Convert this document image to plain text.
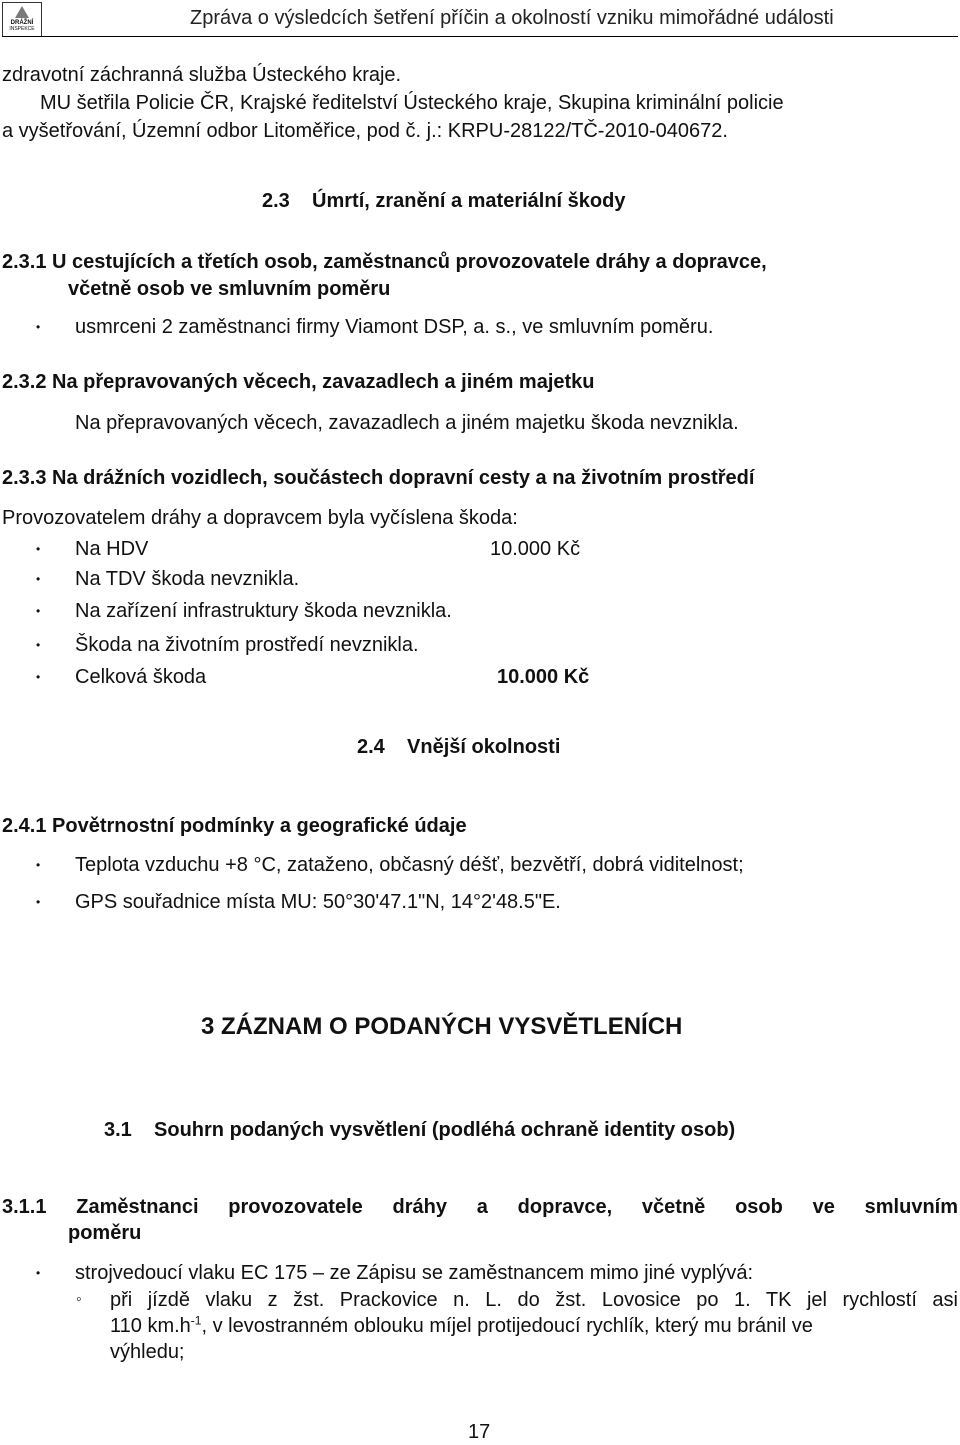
DRÁŽNÍ
INSPEKCE	Zpráva o výsledcích šetření příčin a okolností vzniku mimořádné události
zdravotní záchranná služba Ústeckého kraje.
MU šetřila Policie ČR, Krajské ředitelství Ústeckého kraje, Skupina kriminální policie
a vyšetřování, Územní odbor Litoměřice, pod č. j.: KRPU-28122/TČ-2010-040672.
2.3    Úmrtí, zranění a materiální škody
2.3.1 U cestujících a třetích osob, zaměstnanců provozovatele dráhy a dopravce,
včetně osob ve smluvním poměru
• usmrceni 2 zaměstnanci firmy Viamont DSP, a. s., ve smluvním poměru.
2.3.2 Na přepravovaných věcech, zavazadlech a jiném majetku
Na přepravovaných věcech, zavazadlech a jiném majetku škoda nevznikla.
2.3.3 Na drážních vozidlech, součástech dopravní cesty a na životním prostředí
Provozovatelem dráhy a dopravcem byla vyčíslena škoda:
• Na HDV	10.000 Kč
• Na TDV škoda nevznikla.
• Na zařízení infrastruktury škoda nevznikla.
• Škoda na životním prostředí nevznikla.
• Celková škoda	10.000 Kč
2.4    Vnější okolnosti
2.4.1 Povětrnostní podmínky a geografické údaje
• Teplota vzduchu +8 °C, zataženo, občasný déšť, bezvětří, dobrá viditelnost;
• GPS souřadnice místa MU: 50°30'47.1"N, 14°2'48.5"E.
3 ZÁZNAM O PODANÝCH VYSVĚTLENÍCH
3.1    Souhrn podaných vysvětlení (podléhá ochraně identity osob)
3.1.1 Zaměstnanci provozovatele dráhy a dopravce, včetně osob ve smluvním
poměru
• strojvedoucí vlaku EC 175 – ze Zápisu se zaměstnancem mimo jiné vyplývá:
◦ při jízdě vlaku z žst. Prackovice n. L. do žst. Lovosice po 1. TK jel rychlostí asi
110 $km.h^{-1}$, v levostranném oblouku míjel protijedoucí rychlík, který mu bránil ve
výhledu;
17
